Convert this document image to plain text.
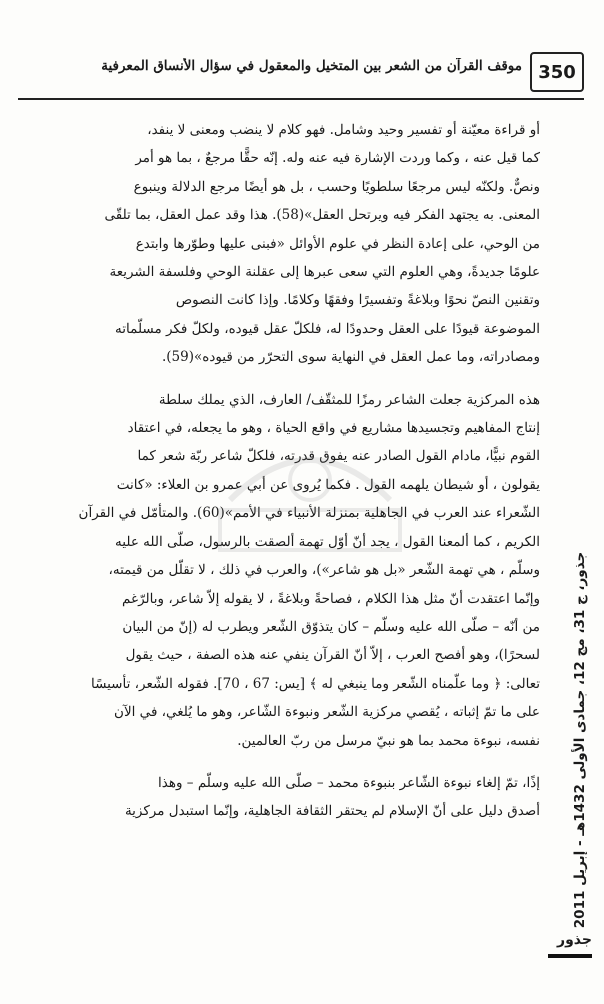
350
موقف القرآن من الشعر بين المتخيل والمعقول في سؤال الأنساق المعرفية
أو قراءة معيّنة أو تفسير وحيد وشامل. فهو كلام لا ينضب ومعنى لا ينفد،
كما قيل عنه ، وكما وردت الإشارة فيه عنه وله. إنّه حقًّا مرجعٌ ، بما هو أمر
ونصٌّ. ولكنّه ليس مرجعًا سلطويًا وحسب ، بل هو أيضًا مرجع الدلالة وينبوع
المعنى. به يجتهد الفكر فيه ويرتحل العقل»(58). هذا وقد عمل العقل، بما تلقّى
من الوحي، على إعادة النظر في علوم الأوائل «فبنى عليها وطوّرها وابتدع
علومًا جديدةً، وهي العلوم التي سعى عبرها إلى عقلنة الوحي وفلسفة الشريعة
وتقنين النصّ نحوًا وبلاغةً وتفسيرًا وفقهًا وكلامًا. وإذا كانت النصوص
الموضوعة قيودًا على العقل وحدودًا له، فلكلّ عقل قيوده، ولكلّ فكر مسلّماته
ومصادراته، وما عمل العقل في النهاية سوى التحرّر من قيوده»(59).
هذه المركزية جعلت الشاعر رمزًا للمثقّف/ العارف، الذي يملك سلطة
إنتاج المفاهيم وتجسيدها مشاريع في واقع الحياة ، وهو ما يجعله، في اعتقاد
القوم نبيًّا، مادام القول الصادر عنه يفوق قدرته، فلكلّ شاعر ربّة شعر كما
يقولون ، أو شيطان يلهمه القول . فكما يُروى عن أبي عمرو بن العلاء: «كانت
الشّعراء عند العرب في الجاهلية بمنزلة الأنبياء في الأمم»(60). والمتأمّل في القرآن
الكريم ، كما ألمعنا القول ، يجد أنّ أوّل تهمة ألصقت بالرسول، صلّى الله عليه
وسلّم ، هي تهمة الشّعر «بل هو شاعر»)، والعرب في ذلك ، لا تقلّل من قيمته،
وإنّما اعتقدت أنّ مثل هذا الكلام ، فصاحةً وبلاغةً ، لا يقوله إلاّ شاعر، وبالرّغم
من أنّه – صلّى الله عليه وسلّم – كان يتذوّق الشّعر ويطرب له (إنّ من البيان
لسحرًا)، وهو أفصح العرب ، إلاّ أنّ القرآن ينفي عنه هذه الصفة ، حيث يقول
تعالى: ﴿ وما علّمناه الشّعر وما ينبغي له ﴾ [يس: 67 ، 70]. فقوله الشّعر، تأسيسًا
على ما تمّ إثباته ، يُقصي مركزية الشّعر ونبوءة الشّاعر، وهو ما يُلغي، في الآن
نفسه، نبوءة محمد بما هو نبيّ مرسل من ربّ العالمين.
إذًا، تمّ إلغاء نبوءة الشّاعر بنبوءة محمد – صلّى الله عليه وسلّم – وهذا
أصدق دليل على أنّ الإسلام لم يحتقر الثقافة الجاهلية، وإنّما استبدل مركزية
جذور، ج 31، مج 12، جمادى الأولى 1432هـ - إبريل 2011
جذور
